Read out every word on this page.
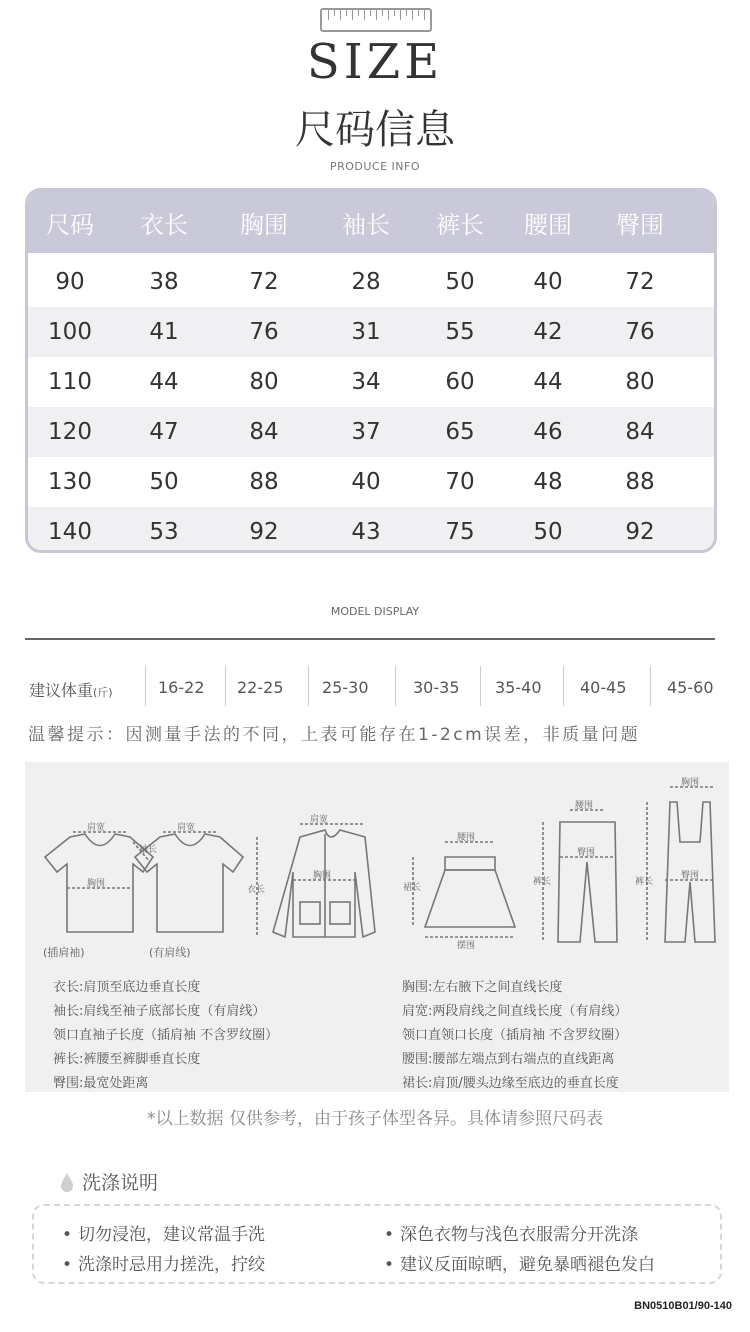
SIZE
尺码信息
PRODUCE INFO
尺码	衣长	胸围	袖长	裤长	腰围	臀围
90	38	72	28	50	40	72
100	41	76	31	55	42	76
110	44	80	34	60	44	80
120	47	84	37	65	46	84
130	50	88	40	70	48	88
140	53	92	43	75	50	92
MODEL DISPLAY
建议体重(斤)	16-22 22-25 25-30	30-35 35-40 40-45	45-60
温馨提示：因测量手法的不同，上表可能存在1-2cm误差，非质量问题
肩宽
胸围
袖长
肩宽
肩宽
胸围
衣长
腰围
摆围
裙长
腰围
裤长
臀围
胸围
裤长
臀围
(插肩袖)	(有肩线)
衣长:肩顶至底边垂直长度
袖长:肩线至袖子底部长度（有肩线）
领口直袖子长度（插肩袖 不含罗纹圈）
裤长:裤腰至裤脚垂直长度
臀围:最宽处距离
胸围:左右腋下之间直线长度
肩宽:两段肩线之间直线长度（有肩线）
领口直领口长度（插肩袖 不含罗纹圈）
腰围:腰部左端点到右端点的直线距离
裙长:肩顶/腰头边缘至底边的垂直长度
*以上数据 仅供参考，由于孩子体型各异。具体请参照尺码表
洗涤说明
• 切勿浸泡，建议常温手洗	• 深色衣物与浅色衣服需分开洗涤
• 洗涤时忌用力搓洗，拧绞	• 建议反面晾晒，避免暴晒褪色发白
BN0510B01/90-140
